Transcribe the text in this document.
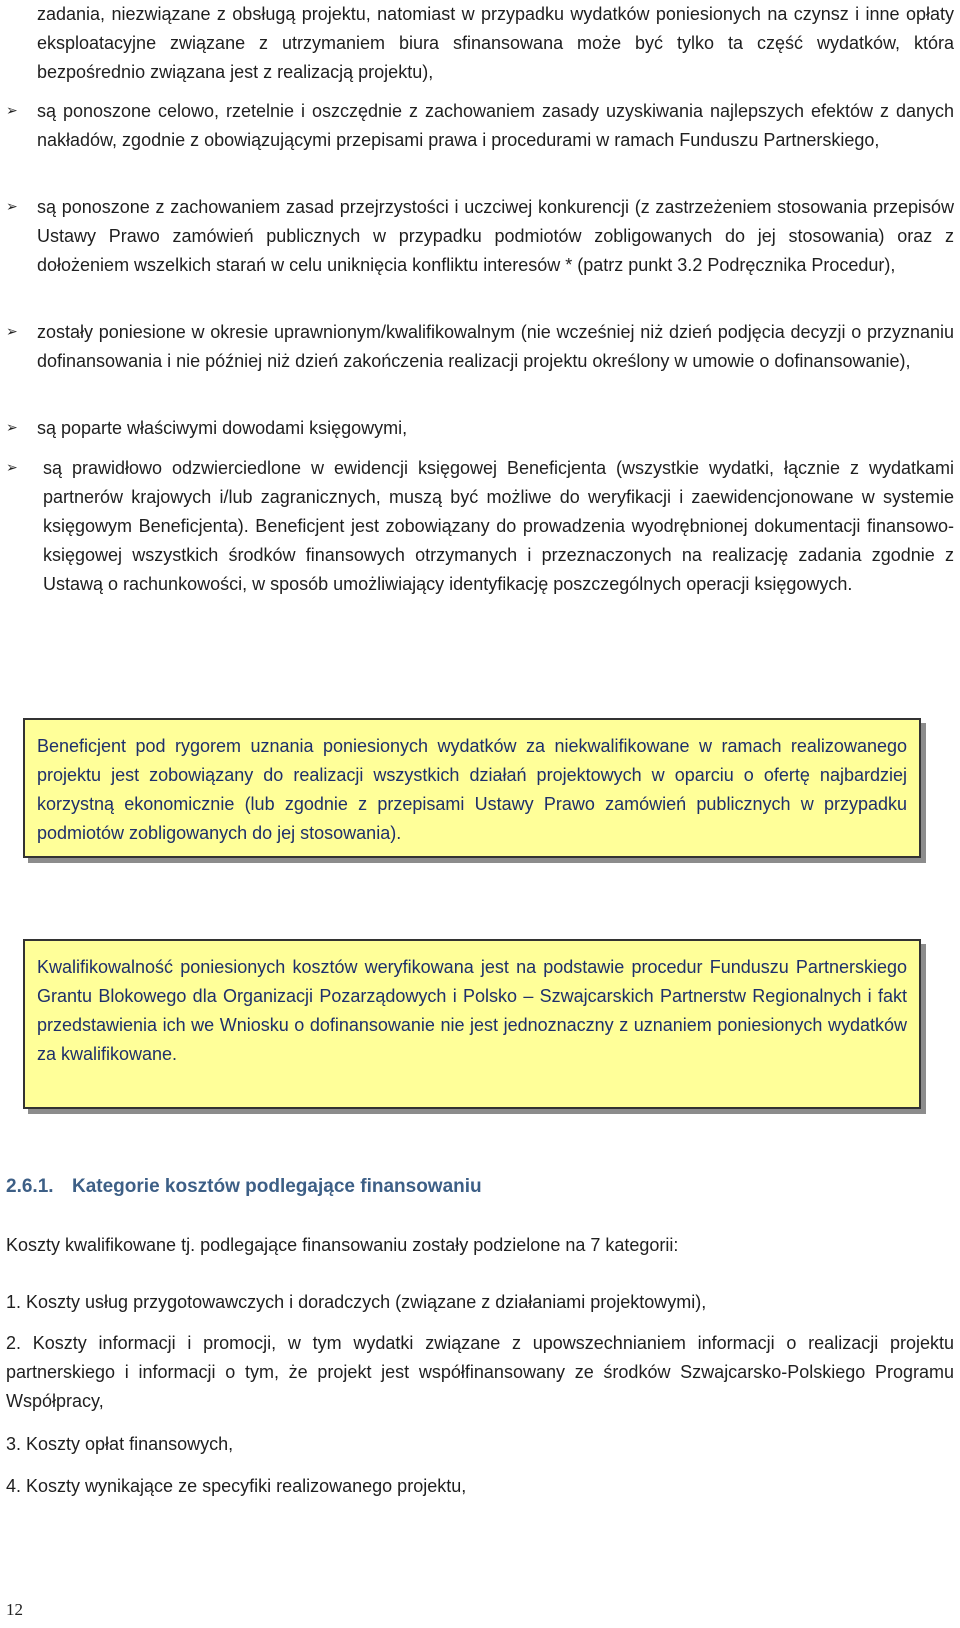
zadania, niezwiązane z obsługą projektu, natomiast w przypadku wydatków poniesionych na czynsz i inne opłaty eksploatacyjne związane z utrzymaniem biura sfinansowana może być tylko ta część wydatków, która bezpośrednio związana jest z realizacją projektu),

➢ są ponoszone celowo, rzetelnie i oszczędnie z zachowaniem zasady uzyskiwania najlepszych efektów z danych nakładów, zgodnie z obowiązującymi przepisami prawa i procedurami w ramach Funduszu Partnerskiego,

➢ są ponoszone z zachowaniem zasad przejrzystości i uczciwej konkurencji (z zastrzeżeniem stosowania przepisów Ustawy Prawo zamówień publicznych w przypadku podmiotów zobligowanych do jej stosowania) oraz z dołożeniem wszelkich starań w celu uniknięcia konfliktu interesów * (patrz punkt 3.2 Podręcznika Procedur),

➢ zostały poniesione w okresie uprawnionym/kwalifikowalnym (nie wcześniej niż dzień podjęcia decyzji o przyznaniu dofinansowania i nie później niż dzień zakończenia realizacji projektu określony w umowie o dofinansowanie),

➢ są poparte właściwymi dowodami księgowymi,

➢ są prawidłowo odzwierciedlone w ewidencji księgowej Beneficjenta (wszystkie wydatki, łącznie z wydatkami partnerów krajowych i/lub zagranicznych, muszą być możliwe do weryfikacji i zaewidencjonowane w systemie księgowym Beneficjenta). Beneficjent jest zobowiązany do prowadzenia wyodrębnionej dokumentacji finansowo-księgowej wszystkich środków finansowych otrzymanych i przeznaczonych na realizację zadania zgodnie z Ustawą o rachunkowości, w sposób umożliwiający identyfikację poszczególnych operacji księgowych.

Beneficjent pod rygorem uznania poniesionych wydatków za niekwalifikowane w ramach realizowanego projektu jest zobowiązany do realizacji wszystkich działań projektowych w oparciu o ofertę najbardziej korzystną ekonomicznie (lub zgodnie z przepisami Ustawy Prawo zamówień publicznych w przypadku podmiotów zobligowanych do jej stosowania).

Kwalifikowalność poniesionych kosztów weryfikowana jest na podstawie procedur Funduszu Partnerskiego Grantu Blokowego dla Organizacji Pozarządowych i Polsko – Szwajcarskich Partnerstw Regionalnych i fakt przedstawienia ich we Wniosku o dofinansowanie nie jest jednoznaczny z uznaniem poniesionych wydatków za kwalifikowane.

2.6.1. Kategorie kosztów podlegające finansowaniu

Koszty kwalifikowane tj. podlegające finansowaniu zostały podzielone na 7 kategorii:

1. Koszty usług przygotowawczych i doradczych (związane z działaniami projektowymi),

2. Koszty informacji i promocji, w tym wydatki związane z upowszechnianiem informacji o realizacji projektu partnerskiego i informacji o tym, że projekt jest współfinansowany ze środków Szwajcarsko-Polskiego Programu Współpracy,

3. Koszty opłat finansowych,

4. Koszty wynikające ze specyfiki realizowanego projektu,

12
